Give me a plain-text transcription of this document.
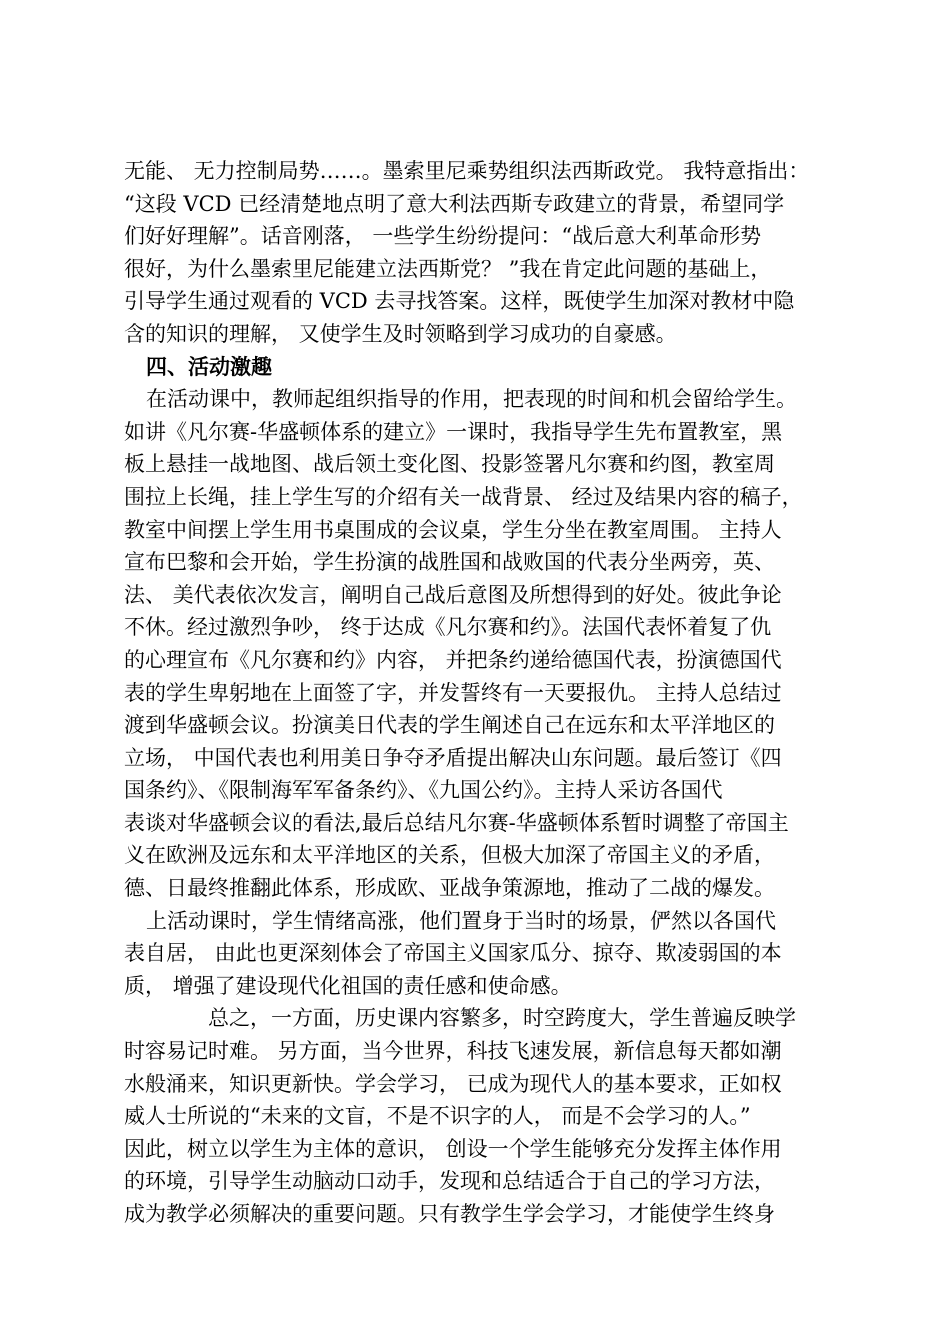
无能、 无力控制局势……。墨索里尼乘势组织法西斯政党。 我特意指出：
“这段 VCD 已经清楚地点明了意大利法西斯专政建立的背景，希望同学
们好好理解”。话音刚落， 一些学生纷纷提问：“战后意大利革命形势
很好，为什么墨索里尼能建立法西斯党？ ”我在肯定此问题的基础上，
引导学生通过观看的 VCD 去寻找答案。这样，既使学生加深对教材中隐
含的知识的理解， 又使学生及时领略到学习成功的自豪感。
四、活动激趣
在活动课中，教师起组织指导的作用，把表现的时间和机会留给学生。
如讲《凡尔赛-华盛顿体系的建立》一课时，我指导学生先布置教室，黑
板上悬挂一战地图、战后领土变化图、投影签署凡尔赛和约图，教室周
围拉上长绳，挂上学生写的介绍有关一战背景、 经过及结果内容的稿子，
教室中间摆上学生用书桌围成的会议桌，学生分坐在教室周围。 主持人
宣布巴黎和会开始，学生扮演的战胜国和战败国的代表分坐两旁，英、
法、 美代表依次发言，阐明自己战后意图及所想得到的好处。彼此争论
不休。经过激烈争吵， 终于达成《凡尔赛和约》。法国代表怀着复了仇
的心理宣布《凡尔赛和约》内容， 并把条约递给德国代表，扮演德国代
表的学生卑躬地在上面签了字，并发誓终有一天要报仇。 主持人总结过
渡到华盛顿会议。扮演美日代表的学生阐述自己在远东和太平洋地区的
立场， 中国代表也利用美日争夺矛盾提出解决山东问题。最后签订《四
国条约》、《限制海军军备条约》、《九国公约》。主持人采访各国代
表谈对华盛顿会议的看法,最后总结凡尔赛-华盛顿体系暂时调整了帝国主
义在欧洲及远东和太平洋地区的关系，但极大加深了帝国主义的矛盾，
德、日最终推翻此体系，形成欧、亚战争策源地，推动了二战的爆发。
上活动课时，学生情绪高涨，他们置身于当时的场景，俨然以各国代
表自居， 由此也更深刻体会了帝国主义国家瓜分、掠夺、欺凌弱国的本
质， 增强了建设现代化祖国的责任感和使命感。
总之，一方面，历史课内容繁多，时空跨度大，学生普遍反映学
时容易记时难。 另方面，当今世界，科技飞速发展，新信息每天都如潮
水般涌来，知识更新快。学会学习， 已成为现代人的基本要求，正如权
威人士所说的“未来的文盲，不是不识字的人， 而是不会学习的人。”
因此，树立以学生为主体的意识， 创设一个学生能够充分发挥主体作用
的环境，引导学生动脑动口动手，发现和总结适合于自己的学习方法，
成为教学必须解决的重要问题。只有教学生学会学习，才能使学生终身
